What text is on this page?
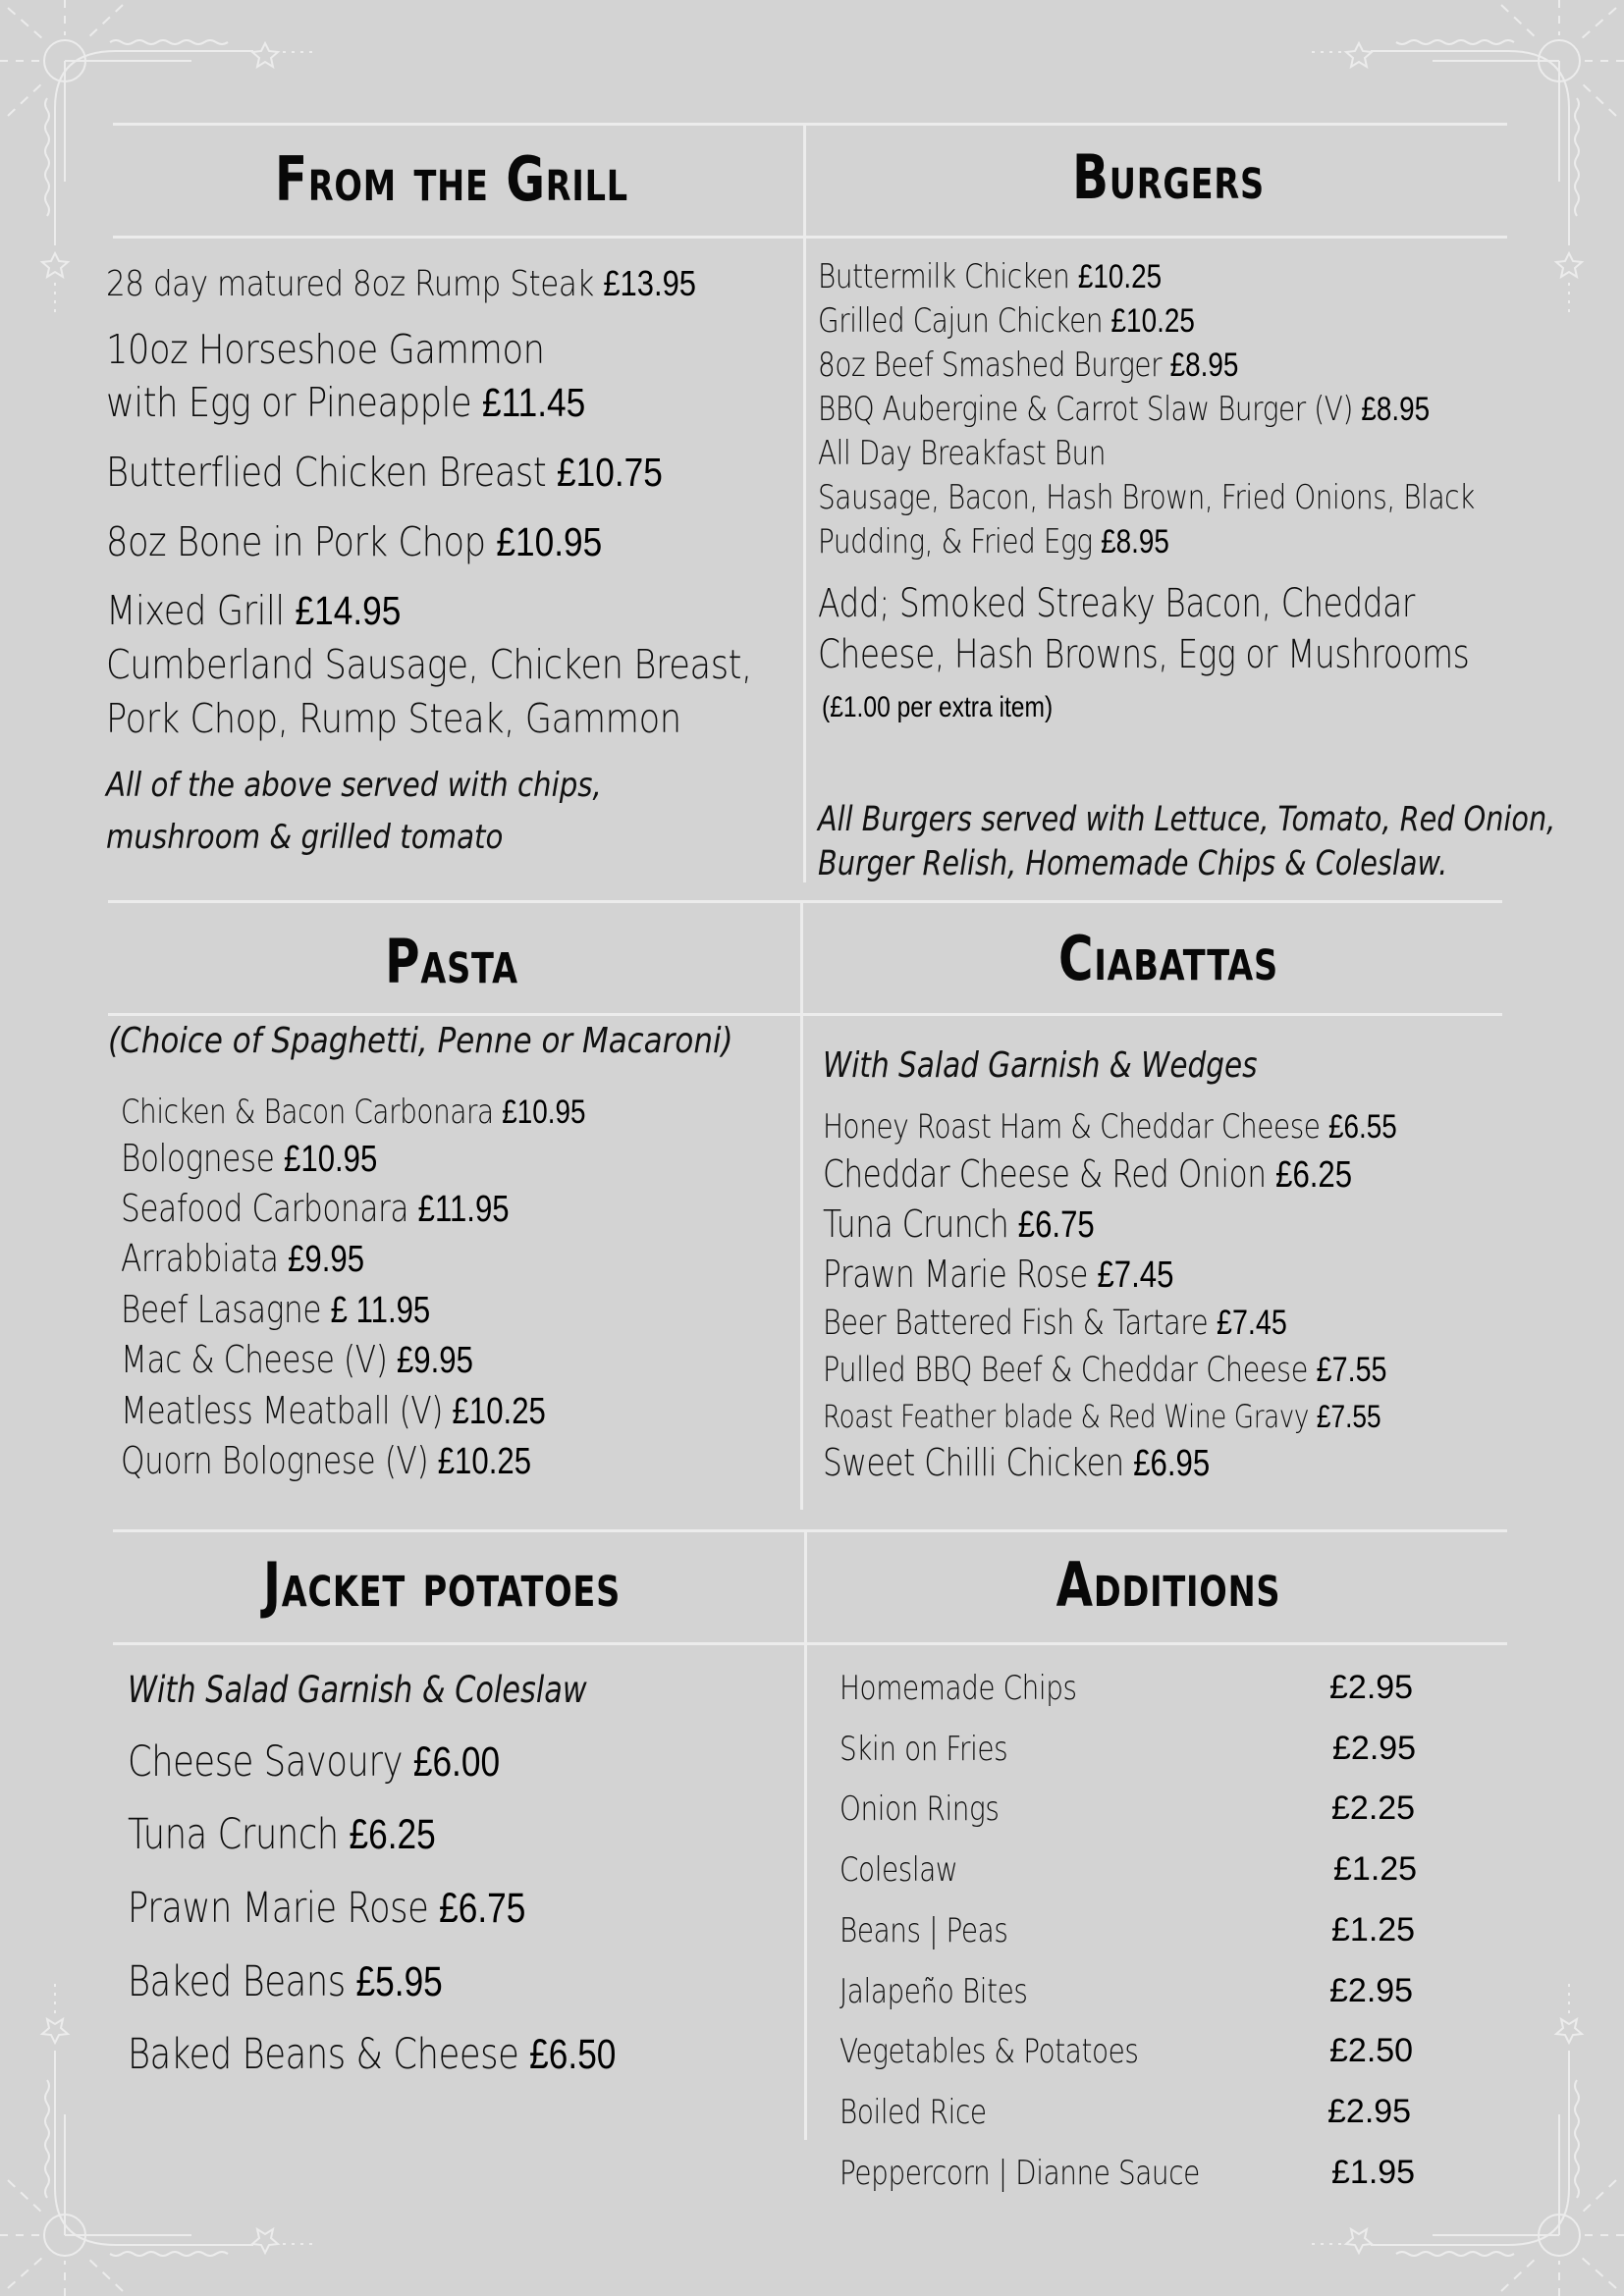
From the Grill
28 day matured 8oz Rump Steak £13.95
10oz Horseshoe Gammon
with Egg or Pineapple £11.45
Butterflied Chicken Breast £10.75
8oz Bone in Pork Chop £10.95
Mixed Grill £14.95
Cumberland Sausage, Chicken Breast,
Pork Chop, Rump Steak, Gammon
All of the above served with chips,
mushroom & grilled tomato
Burgers
Buttermilk Chicken £10.25
Grilled Cajun Chicken £10.25
8oz Beef Smashed Burger £8.95
BBQ Aubergine & Carrot Slaw Burger (V) £8.95
All Day Breakfast Bun
Sausage, Bacon, Hash Brown, Fried Onions, Black
Pudding, & Fried Egg £8.95
Add; Smoked Streaky Bacon, Cheddar
Cheese, Hash Browns, Egg or Mushrooms
(£1.00 per extra item)
All Burgers served with Lettuce, Tomato, Red Onion,
Burger Relish, Homemade Chips & Coleslaw.
Pasta
(Choice of Spaghetti, Penne or Macaroni)
Chicken & Bacon Carbonara £10.95
Bolognese £10.95
Seafood Carbonara £11.95
Arrabbiata £9.95
Beef Lasagne £ 11.95
Mac & Cheese (V) £9.95
Meatless Meatball (V) £10.25
Quorn Bolognese (V) £10.25
Ciabattas
With Salad Garnish & Wedges
Honey Roast Ham & Cheddar Cheese £6.55
Cheddar Cheese & Red Onion £6.25
Tuna Crunch £6.75
Prawn Marie Rose £7.45
Beer Battered Fish & Tartare £7.45
Pulled BBQ Beef & Cheddar Cheese £7.55
Roast Feather blade & Red Wine Gravy £7.55
Sweet Chilli Chicken £6.95
Jacket potatoes
With Salad Garnish & Coleslaw
Cheese Savoury £6.00
Tuna Crunch £6.25
Prawn Marie Rose £6.75
Baked Beans £5.95
Baked Beans & Cheese £6.50
Additions
Homemade Chips	£2.95
Skin on Fries	£2.95
Onion Rings	£2.25
Coleslaw	£1.25
Beans | Peas	£1.25
Jalapeño Bites	£2.95
Vegetables & Potatoes	£2.50
Boiled Rice	£2.95
Peppercorn | Dianne Sauce	£1.95
